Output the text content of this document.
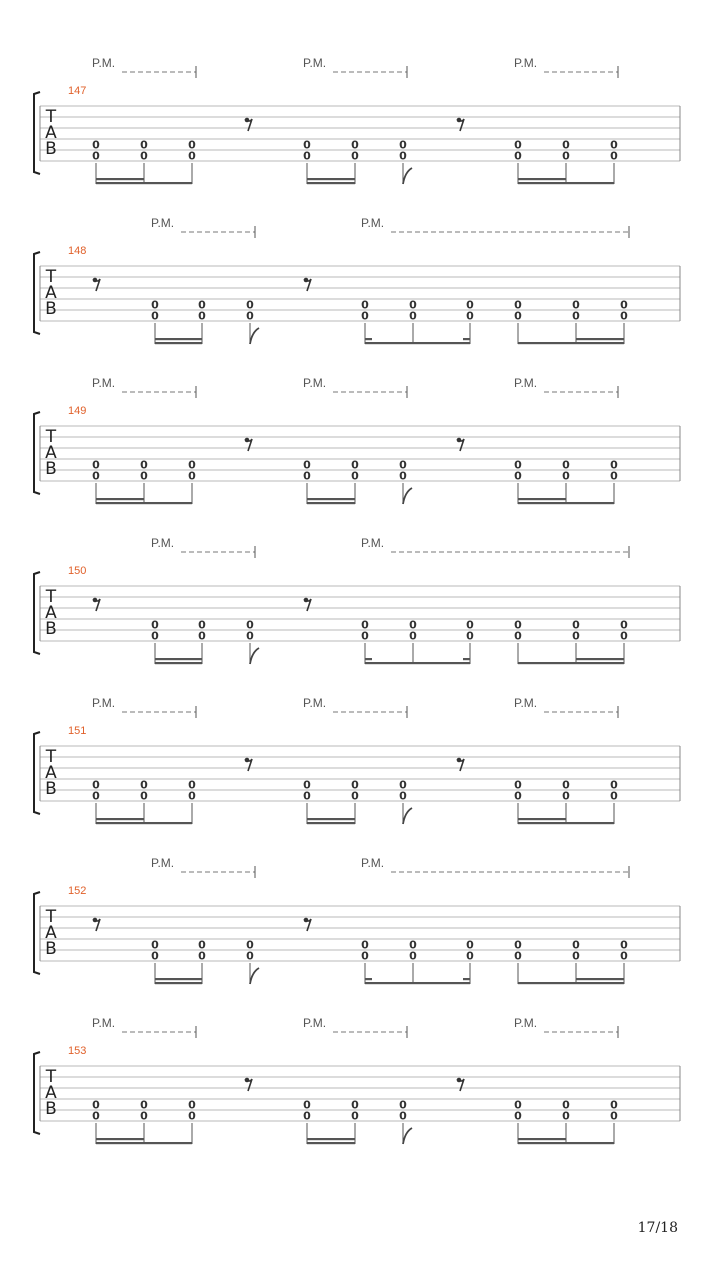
T
A
B
147
P.M.	P.M.	P.M.
0
0
0
0
0
0
0
0
0
0
0
0
0
0
0
0
0
0
T
A
B
148
P.M.	P.M.
0
0
0
0
0
0
0
0
0
0
0
0
0
0
0
0
0
0
T
A
B
149
P.M.	P.M.	P.M.
0
0
0
0
0
0
0
0
0
0
0
0
0
0
0
0
0
0
T
A
B
150
P.M.	P.M.
0
0
0
0
0
0
0
0
0
0
0
0
0
0
0
0
0
0
T
A
B
151
P.M.	P.M.	P.M.
0
0
0
0
0
0
0
0
0
0
0
0
0
0
0
0
0
0
T
A
B
152
P.M.	P.M.
0
0
0
0
0
0
0
0
0
0
0
0
0
0
0
0
0
0
T
A
B
153
P.M.	P.M.	P.M.
0
0
0
0
0
0
0
0
0
0
0
0
0
0
0
0
0
0
17/18
